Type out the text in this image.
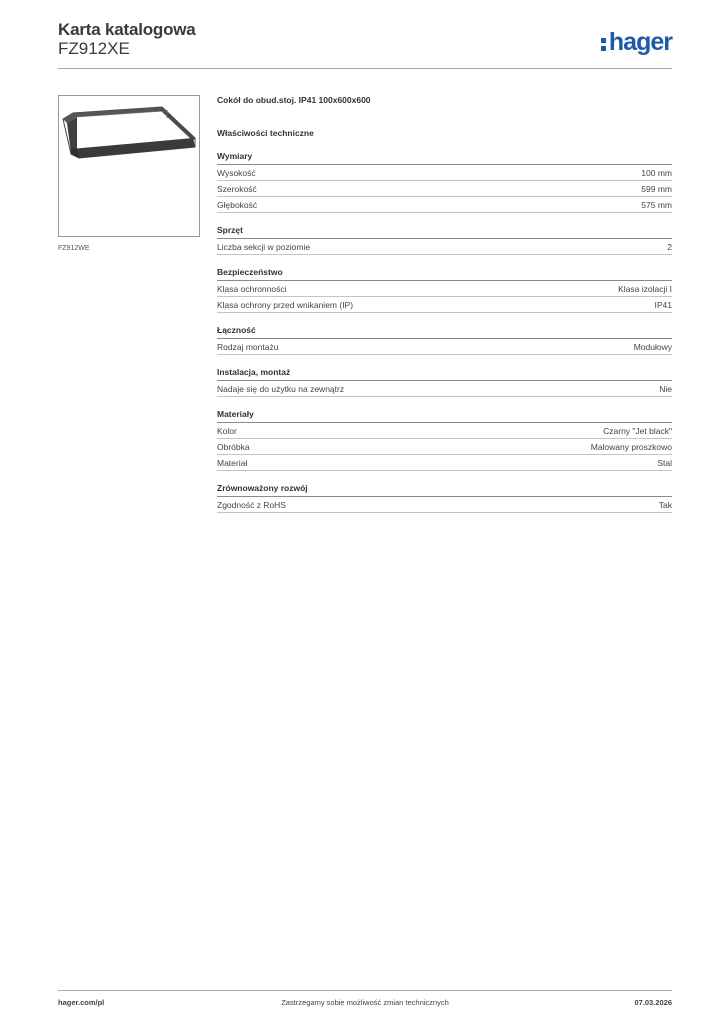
Karta katalogowa
FZ912XE	hager
FZ912WE
Cokół do obud.stoj. IP41 100x600x600
Właściwości techniczne
Wymiary
Wysokość	100 mm
Szerokość	599 mm
Głębokość	575 mm
Sprzęt
Liczba sekcji w poziomie	2
Bezpieczeństwo
Klasa ochronności	Klasa izolacji I
Klasa ochrony przed wnikaniem (IP)	IP41
Łączność
Rodzaj montażu	Modułowy
Instalacja, montaż
Nadaje się do użytku na zewnątrz	Nie
Materiały
Kolor	Czarny "Jet black"
Obróbka	Malowany proszkowo
Materiał	Stal
Zrównoważony rozwój
Zgodność z RoHS	Tak
hager.com/pl	Zastrzegamy sobie możliwość zmian technicznych	07.03.2026
